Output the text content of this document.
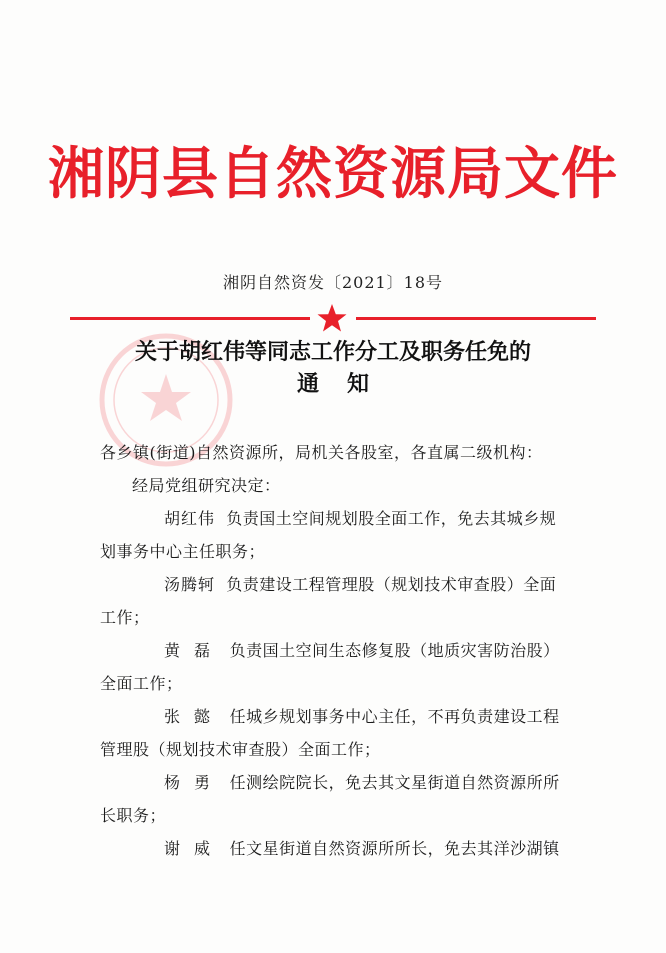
湘阴县自然资源局文件
湘阴自然资发〔2021〕18号
关于胡红伟等同志工作分工及职务任免的
通知

各乡镇(街道)自然资源所，局机关各股室，各直属二级机构：

经局党组研究决定：

胡红伟 负责国土空间规划股全面工作，免去其城乡规划事务中心主任职务；

汤腾轲 负责建设工程管理股（规划技术审查股）全面工作；

黄磊 负责国土空间生态修复股（地质灾害防治股）全面工作；

张懿 任城乡规划事务中心主任，不再负责建设工程管理股（规划技术审查股）全面工作；

杨勇 任测绘院院长，免去其文星街道自然资源所所长职务；

谢威 任文星街道自然资源所所长，免去其洋沙湖镇
